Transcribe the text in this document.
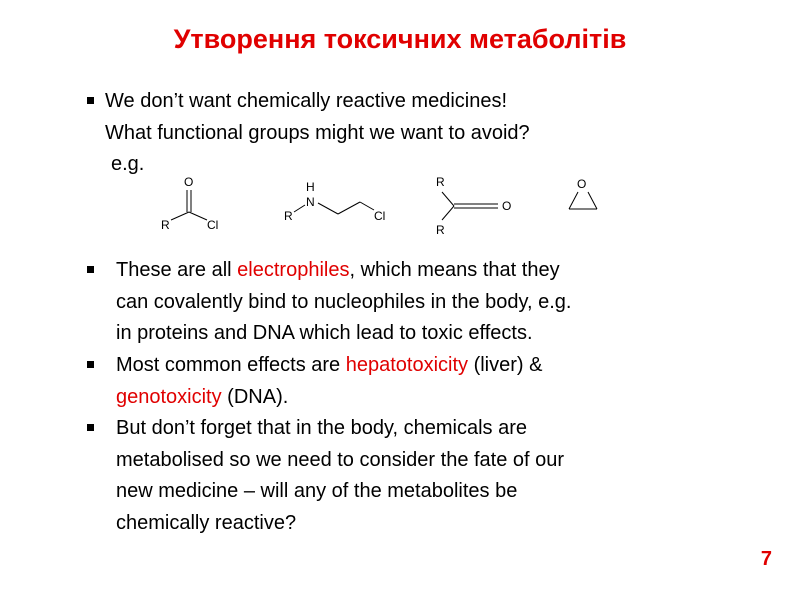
Утворення токсичних метаболітів
We don’t want chemically reactive medicines!
What functional groups might we want to avoid?
e.g.
O
R	Cl
H
N
R	Cl
R
R
O
O
These are all electrophiles, which means that they
can covalently bind to nucleophiles in the body, e.g.
in proteins and DNA which lead to toxic effects.
Most common effects are hepatotoxicity (liver) &
genotoxicity (DNA).
But don’t forget that in the body, chemicals are
metabolised so we need to consider the fate of our
new medicine – will any of the metabolites be
chemically reactive?
7
